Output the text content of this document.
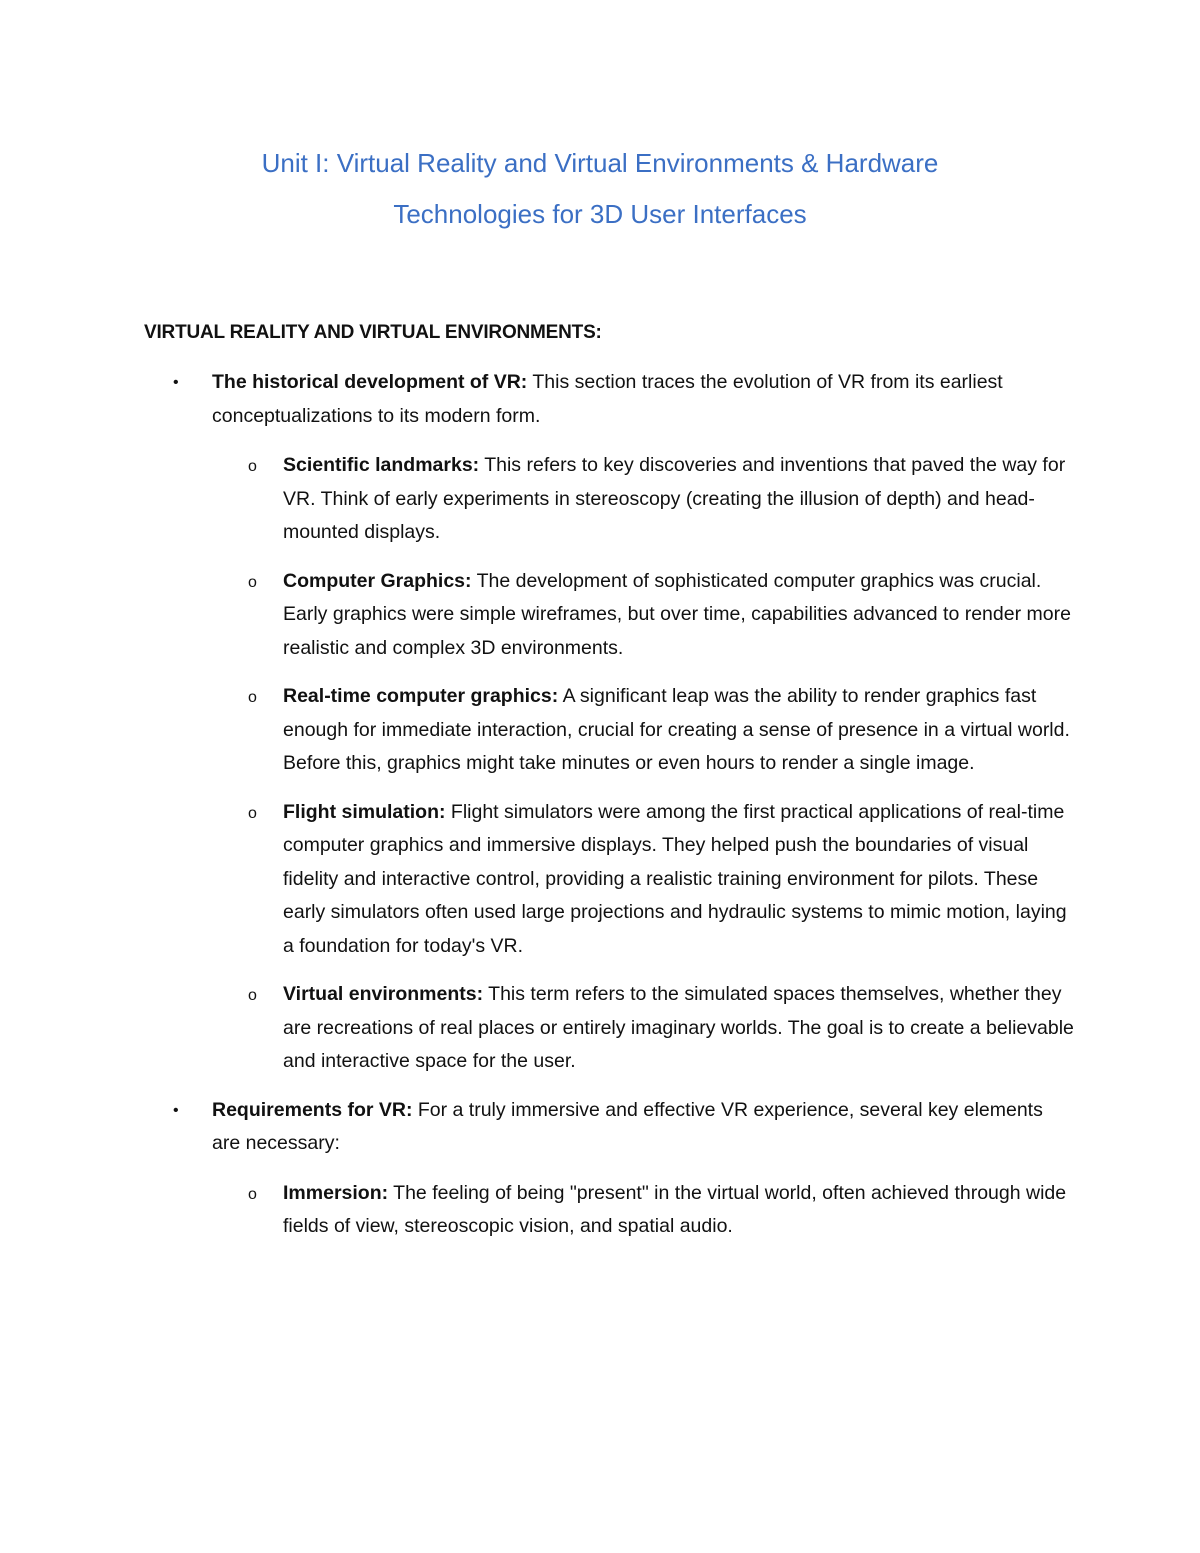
Unit I: Virtual Reality and Virtual Environments & Hardware
Technologies for 3D User Interfaces
VIRTUAL REALITY AND VIRTUAL ENVIRONMENTS:
• The historical development of VR: This section traces the evolution of VR from its earliest conceptualizations to its modern form.
o Scientific landmarks: This refers to key discoveries and inventions that paved the way for VR. Think of early experiments in stereoscopy (creating the illusion of depth) and head-mounted displays.
o Computer Graphics: The development of sophisticated computer graphics was crucial. Early graphics were simple wireframes, but over time, capabilities advanced to render more realistic and complex 3D environments.
o Real-time computer graphics: A significant leap was the ability to render graphics fast enough for immediate interaction, crucial for creating a sense of presence in a virtual world. Before this, graphics might take minutes or even hours to render a single image.
o Flight simulation: Flight simulators were among the first practical applications of real-time computer graphics and immersive displays. They helped push the boundaries of visual fidelity and interactive control, providing a realistic training environment for pilots. These early simulators often used large projections and hydraulic systems to mimic motion, laying a foundation for today's VR.
o Virtual environments: This term refers to the simulated spaces themselves, whether they are recreations of real places or entirely imaginary worlds. The goal is to create a believable and interactive space for the user.
• Requirements for VR: For a truly immersive and effective VR experience, several key elements are necessary:
o Immersion: The feeling of being "present" in the virtual world, often achieved through wide fields of view, stereoscopic vision, and spatial audio.
